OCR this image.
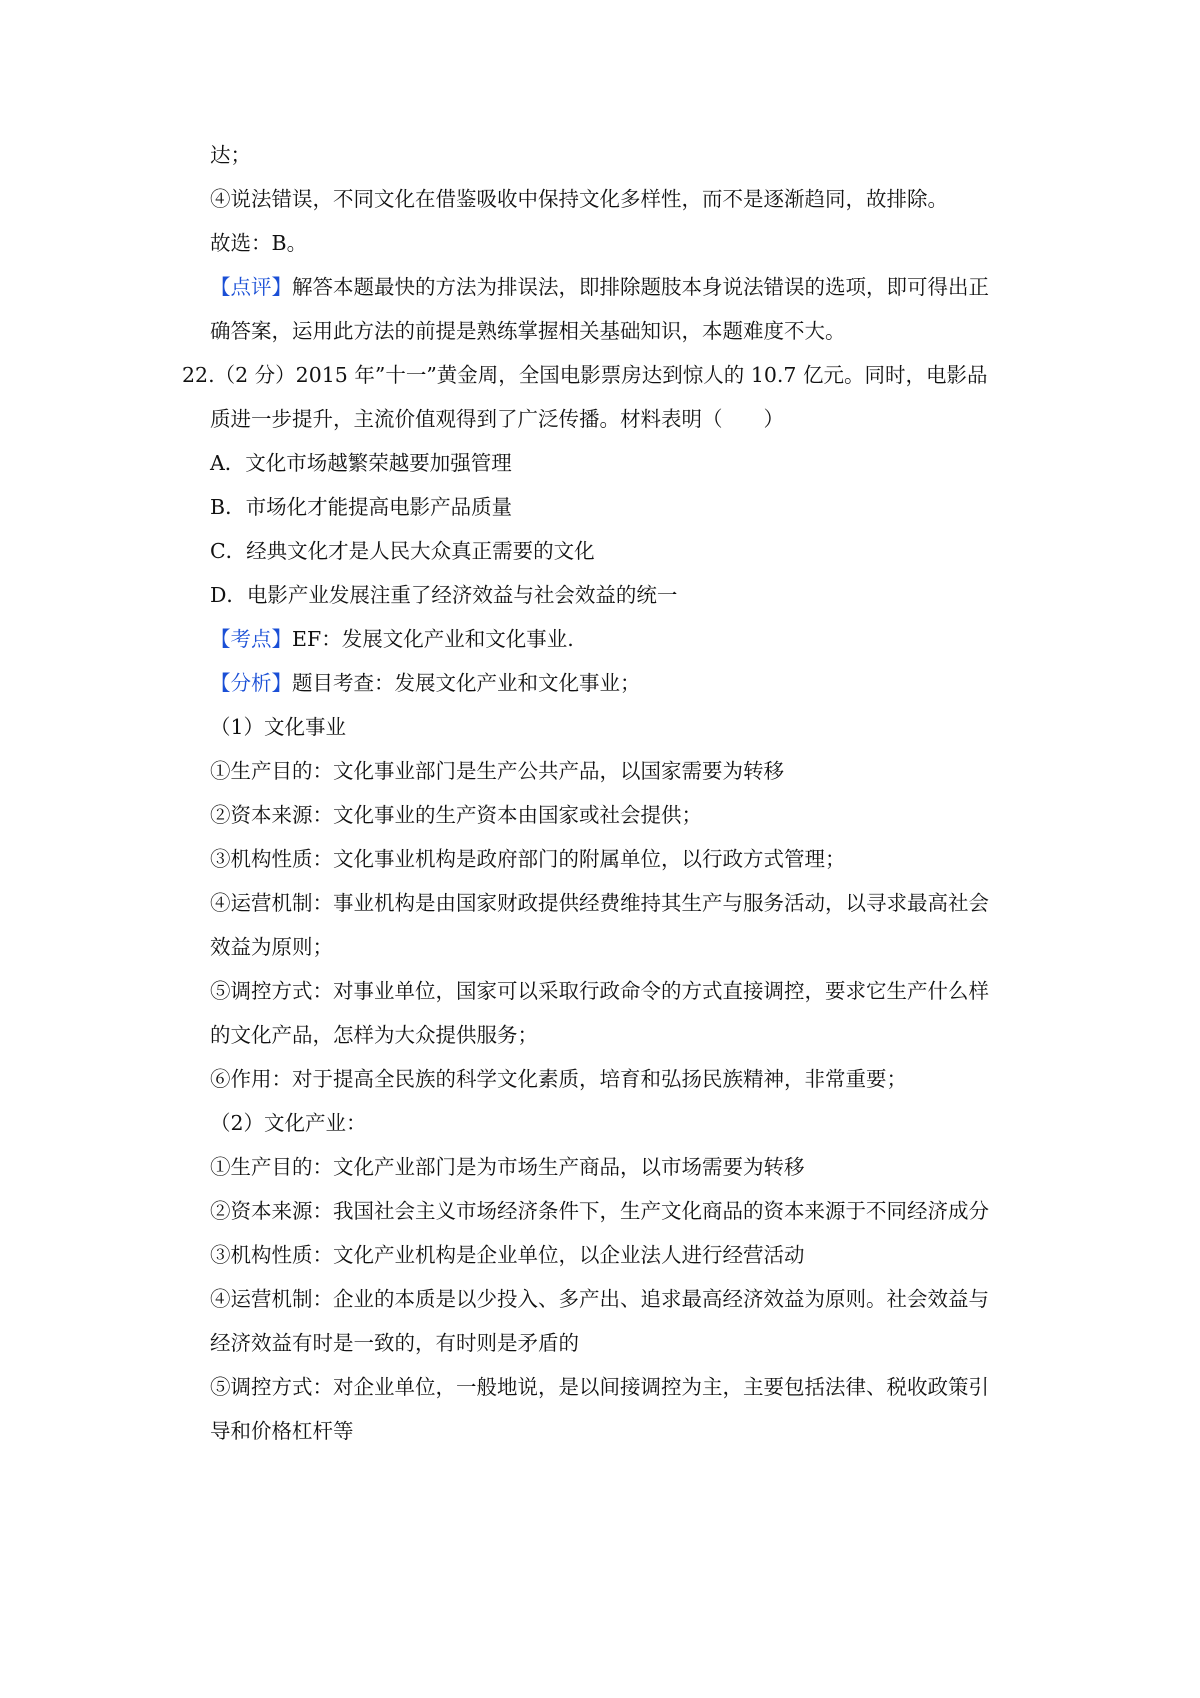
达；
④说法错误，不同文化在借鉴吸收中保持文化多样性，而不是逐渐趋同，故排除。
故选：B。
【点评】解答本题最快的方法为排误法，即排除题肢本身说法错误的选项，即可得出正
确答案，运用此方法的前提是熟练掌握相关基础知识，本题难度不大。
22.（2 分）2015 年”十一”黄金周，全国电影票房达到惊人的 10.7 亿元。同时，电影品
质进一步提升，主流价值观得到了广泛传播。材料表明（　　）
A．文化市场越繁荣越要加强管理
B．市场化才能提高电影产品质量
C．经典文化才是人民大众真正需要的文化
D．电影产业发展注重了经济效益与社会效益的统一
【考点】EF：发展文化产业和文化事业.
【分析】题目考查：发展文化产业和文化事业；
（1）文化事业
①生产目的：文化事业部门是生产公共产品，以国家需要为转移
②资本来源：文化事业的生产资本由国家或社会提供；
③机构性质：文化事业机构是政府部门的附属单位，以行政方式管理；
④运营机制：事业机构是由国家财政提供经费维持其生产与服务活动，以寻求最高社会
效益为原则；
⑤调控方式：对事业单位，国家可以采取行政命令的方式直接调控，要求它生产什么样
的文化产品，怎样为大众提供服务；
⑥作用：对于提高全民族的科学文化素质，培育和弘扬民族精神，非常重要；
（2）文化产业：
①生产目的：文化产业部门是为市场生产商品，以市场需要为转移
②资本来源：我国社会主义市场经济条件下，生产文化商品的资本来源于不同经济成分
③机构性质：文化产业机构是企业单位，以企业法人进行经营活动
④运营机制：企业的本质是以少投入、多产出、追求最高经济效益为原则。社会效益与
经济效益有时是一致的，有时则是矛盾的
⑤调控方式：对企业单位，一般地说，是以间接调控为主，主要包括法律、税收政策引
导和价格杠杆等
